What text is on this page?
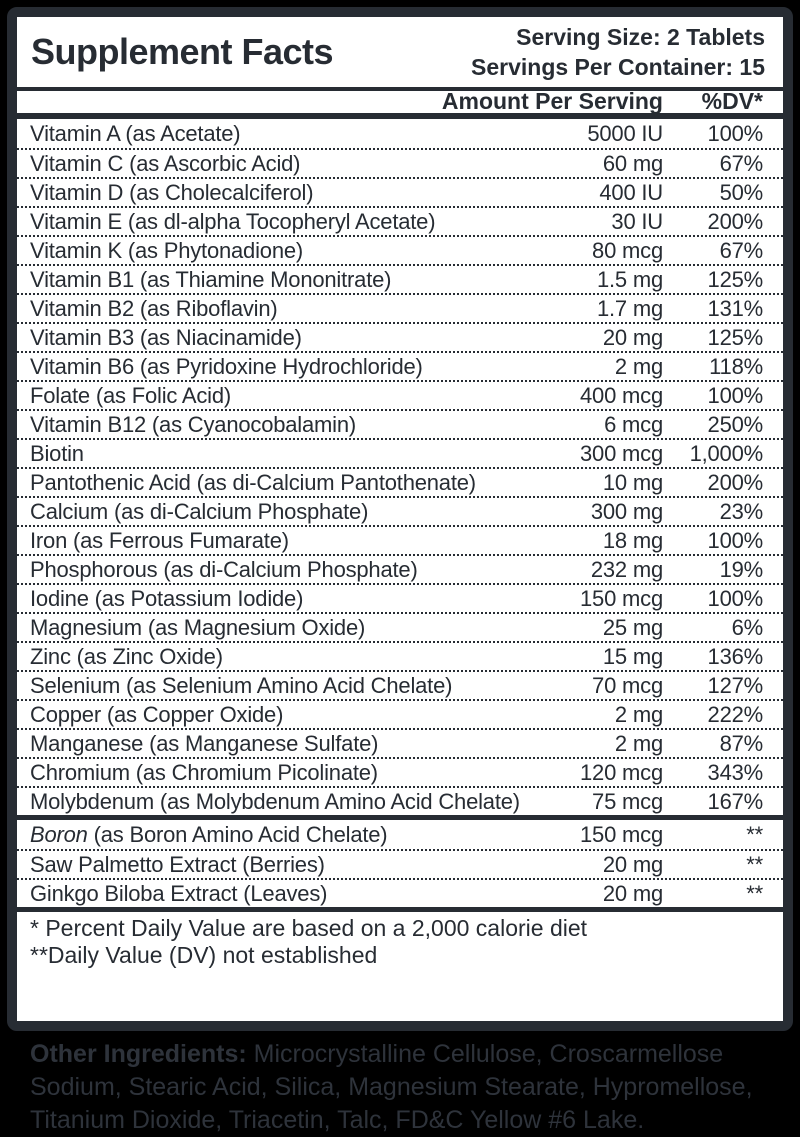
Supplement Facts	Serving Size: 2 Tablets
Servings Per Container: 15
Amount Per Serving	%DV*
Vitamin A (as Acetate)	5000 IU	100%
Vitamin C (as Ascorbic Acid)	60 mg	67%
Vitamin D (as Cholecalciferol)	400 IU	50%
Vitamin E (as dl-alpha Tocopheryl Acetate)	30 IU	200%
Vitamin K (as Phytonadione)	80 mcg	67%
Vitamin B1 (as Thiamine Mononitrate)	1.5 mg	125%
Vitamin B2 (as Riboflavin)	1.7 mg	131%
Vitamin B3 (as Niacinamide)	20 mg	125%
Vitamin B6 (as Pyridoxine Hydrochloride)	2 mg	118%
Folate (as Folic Acid)	400 mcg	100%
Vitamin B12 (as Cyanocobalamin)	6 mcg	250%
Biotin	300 mcg	1,000%
Pantothenic Acid (as di-Calcium Pantothenate)	10 mg	200%
Calcium (as di-Calcium Phosphate)	300 mg	23%
Iron (as Ferrous Fumarate)	18 mg	100%
Phosphorous (as di-Calcium Phosphate)	232 mg	19%
Iodine (as Potassium Iodide)	150 mcg	100%
Magnesium (as Magnesium Oxide)	25 mg	6%
Zinc (as Zinc Oxide)	15 mg	136%
Selenium (as Selenium Amino Acid Chelate)	70 mcg	127%
Copper (as Copper Oxide)	2 mg	222%
Manganese (as Manganese Sulfate)	2 mg	87%
Chromium (as Chromium Picolinate)	120 mcg	343%
Molybdenum (as Molybdenum Amino Acid Chelate)	75 mcg	167%
Boron (as Boron Amino Acid Chelate)	150 mcg	**
Saw Palmetto Extract (Berries)	20 mg	**
Ginkgo Biloba Extract (Leaves)	20 mg	**
* Percent Daily Value are based on a 2,000 calorie diet
**Daily Value (DV) not established
Other Ingredients: Microcrystalline Cellulose, Croscarmellose Sodium, Stearic Acid, Silica, Magnesium Stearate, Hypromellose, Titanium Dioxide, Triacetin, Talc, FD&C Yellow #6 Lake.
